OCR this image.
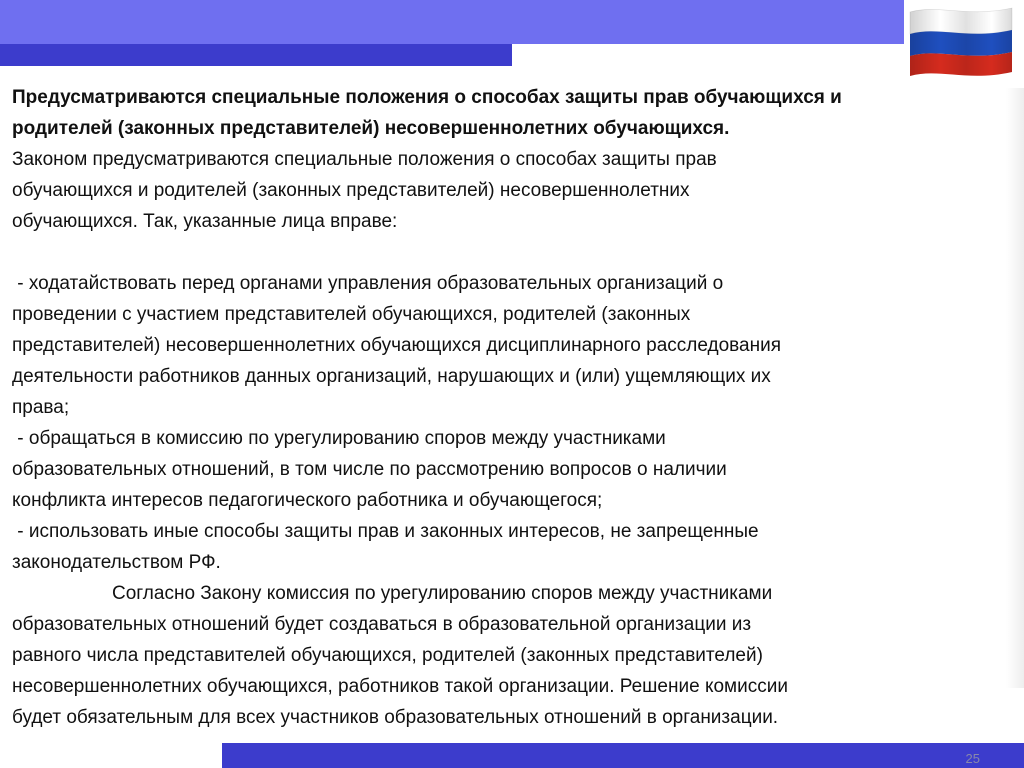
Предусматриваются специальные положения о способах защиты прав обучающихся и

родителей (законных представителей) несовершеннолетних обучающихся.

Законом предусматриваются специальные положения о способах защиты прав

обучающихся и родителей (законных представителей) несовершеннолетних

обучающихся. Так, указанные лица вправе:

- ходатайствовать перед органами управления образовательных организаций о

проведении с участием представителей обучающихся, родителей (законных

представителей) несовершеннолетних обучающихся дисциплинарного расследования

деятельности работников данных организаций, нарушающих и (или) ущемляющих их

права;

- обращаться в комиссию по урегулированию споров между участниками

образовательных отношений, в том числе по рассмотрению вопросов о наличии

конфликта интересов педагогического работника и обучающегося;

- использовать иные способы защиты прав и законных интересов, не запрещенные

законодательством РФ.

Согласно Закону комиссия по урегулированию споров между участниками

образовательных отношений будет создаваться в образовательной организации из

равного числа представителей обучающихся, родителей (законных представителей)

несовершеннолетних обучающихся, работников такой организации. Решение комиссии

будет обязательным для всех участников образовательных отношений в организации.

25
